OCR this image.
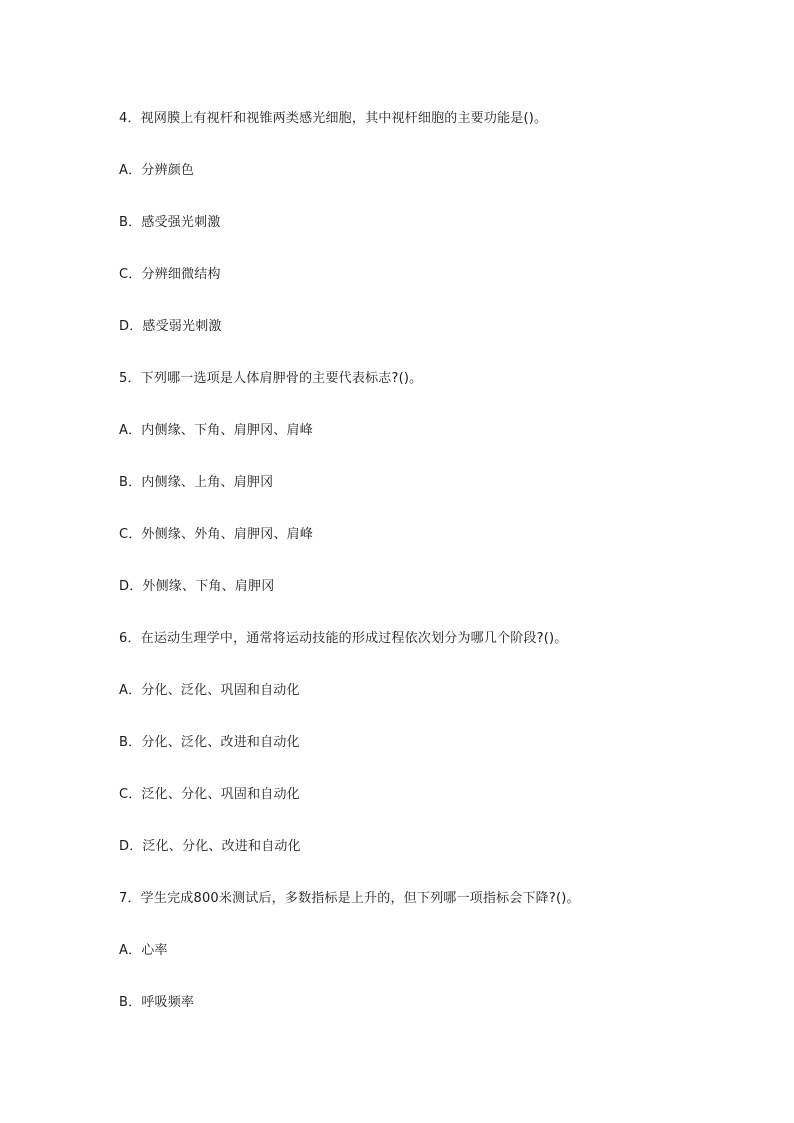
4．视网膜上有视杆和视锥两类感光细胞，其中视杆细胞的主要功能是()。
A．分辨颜色
B．感受强光刺激
C．分辨细微结构
D．感受弱光刺激
5．下列哪一选项是人体肩胛骨的主要代表标志?()。
A．内侧缘、下角、肩胛冈、肩峰
B．内侧缘、上角、肩胛冈
C．外侧缘、外角、肩胛冈、肩峰
D．外侧缘、下角、肩胛冈
6．在运动生理学中，通常将运动技能的形成过程依次划分为哪几个阶段?()。
A．分化、泛化、巩固和自动化
B．分化、泛化、改进和自动化
C．泛化、分化、巩固和自动化
D．泛化、分化、改进和自动化
7．学生完成800米测试后，多数指标是上升的，但下列哪一项指标会下降?()。
A．心率
B．呼吸频率
